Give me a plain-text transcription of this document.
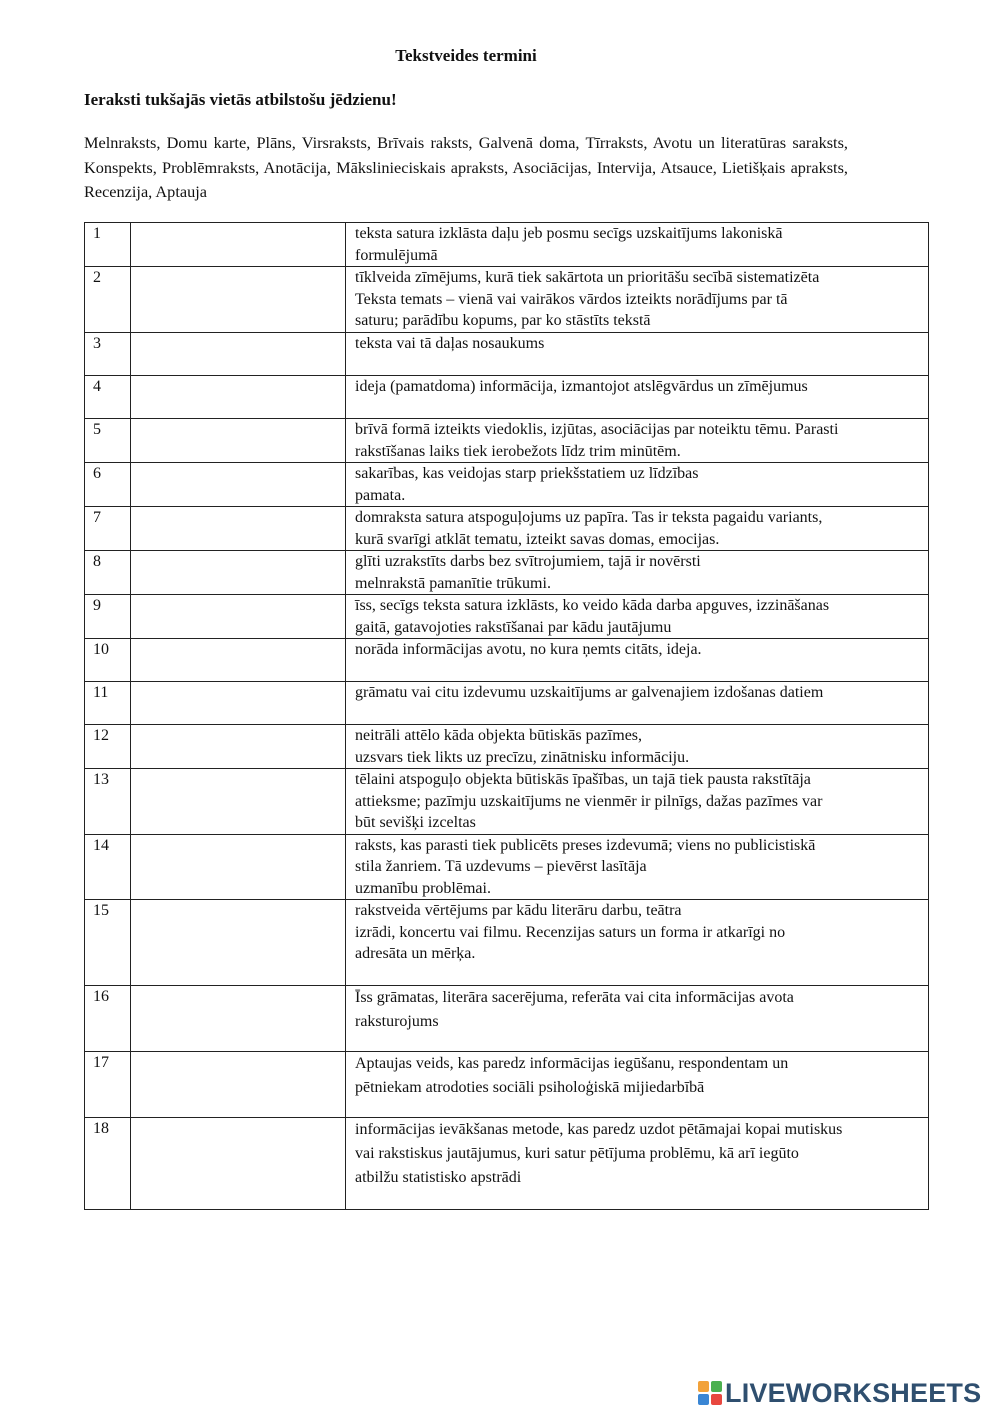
Tekstveides termini
Ieraksti tukšajās vietās atbilstošu jēdzienu!
Melnraksts, Domu karte, Plāns, Virsraksts, Brīvais raksts, Galvenā doma, Tīrraksts, Avotu un literatūras saraksts, Konspekts, Problēmraksts, Anotācija, Mākslinieciskais apraksts, Asociācijas, Intervija, Atsauce, Lietišķais apraksts, Recenzija, Aptauja
1		teksta satura izklāsta daļu jeb posmu secīgs uzskaitījums lakoniskā
formulējumā
2		tīklveida zīmējums, kurā tiek sakārtota un prioritāšu secībā sistematizēta
Teksta temats – vienā vai vairākos vārdos izteikts norādījums par tā
saturu; parādību kopums, par ko stāstīts tekstā
3		teksta vai tā daļas nosaukums
4		ideja (pamatdoma) informācija, izmantojot atslēgvārdus un zīmējumus
5		brīvā formā izteikts viedoklis, izjūtas, asociācijas par noteiktu tēmu. Parasti
rakstīšanas laiks tiek ierobežots līdz trim minūtēm.
6		sakarības, kas veidojas starp priekšstatiem uz līdzības
pamata.
7		domraksta satura atspoguļojums uz papīra. Tas ir teksta pagaidu variants,
kurā svarīgi atklāt tematu, izteikt savas domas, emocijas.
8		glīti uzrakstīts darbs bez svītrojumiem, tajā ir novērsti
melnrakstā pamanītie trūkumi.
9		īss, secīgs teksta satura izklāsts, ko veido kāda darba apguves, izzināšanas
gaitā, gatavojoties rakstīšanai par kādu jautājumu
10		norāda informācijas avotu, no kura ņemts citāts, ideja.
11		grāmatu vai citu izdevumu uzskaitījums ar galvenajiem izdošanas datiem
12		neitrāli attēlo kāda objekta būtiskās pazīmes,
uzsvars tiek likts uz precīzu, zinātnisku informāciju.
13		tēlaini atspoguļo objekta būtiskās īpašības, un tajā tiek pausta rakstītāja
attieksme; pazīmju uzskaitījums ne vienmēr ir pilnīgs, dažas pazīmes var
būt sevišķi izceltas
14		raksts, kas parasti tiek publicēts preses izdevumā; viens no publicistiskā
stila žanriem. Tā uzdevums – pievērst lasītāja
uzmanību problēmai.
15		rakstveida vērtējums par kādu literāru darbu, teātra
izrādi, koncertu vai filmu. Recenzijas saturs un forma ir atkarīgi no
adresāta un mērķa.
16		Īss grāmatas, literāra sacerējuma, referāta vai cita informācijas avota
raksturojums
17		Aptaujas veids, kas paredz informācijas iegūšanu, respondentam un
pētniekam atrodoties sociāli psiholoģiskā mijiedarbībā
18		informācijas ievākšanas metode, kas paredz uzdot pētāmajai kopai mutiskus
vai rakstiskus jautājumus, kuri satur pētījuma problēmu, kā arī iegūto
atbilžu statistisko apstrādi
LIVEWORKSHEETS
